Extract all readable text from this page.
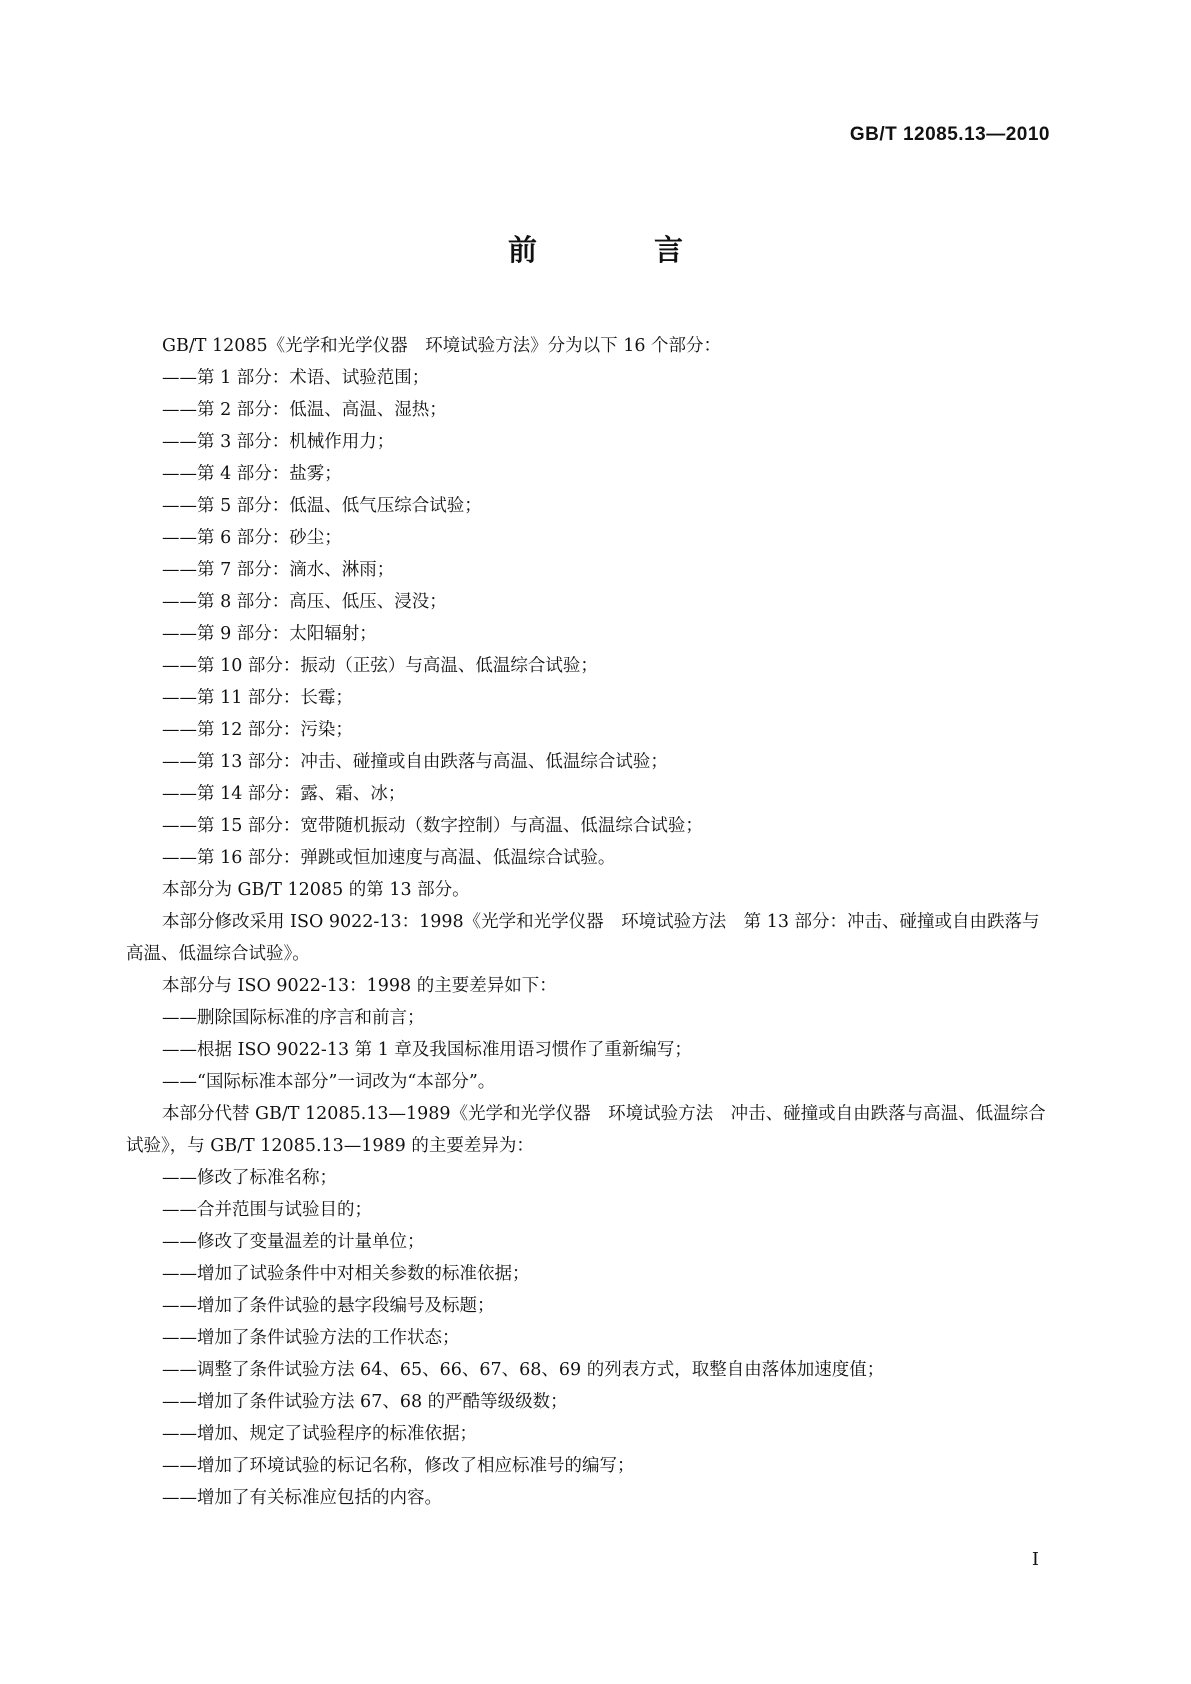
GB/T 12085.13—2010

前　言

GB/T 12085《光学和光学仪器　环境试验方法》分为以下 16 个部分：

——第 1 部分：术语、试验范围；

——第 2 部分：低温、高温、湿热；

——第 3 部分：机械作用力；

——第 4 部分：盐雾；

——第 5 部分：低温、低气压综合试验；

——第 6 部分：砂尘；

——第 7 部分：滴水、淋雨；

——第 8 部分：高压、低压、浸没；

——第 9 部分：太阳辐射；

——第 10 部分：振动（正弦）与高温、低温综合试验；

——第 11 部分：长霉；

——第 12 部分：污染；

——第 13 部分：冲击、碰撞或自由跌落与高温、低温综合试验；

——第 14 部分：露、霜、冰；

——第 15 部分：宽带随机振动（数字控制）与高温、低温综合试验；

——第 16 部分：弹跳或恒加速度与高温、低温综合试验。

本部分为 GB/T 12085 的第 13 部分。

本部分修改采用 ISO 9022-13：1998《光学和光学仪器　环境试验方法　第 13 部分：冲击、碰撞或自由跌落与高温、低温综合试验》。

本部分与 ISO 9022-13：1998 的主要差异如下：

——删除国际标准的序言和前言；

——根据 ISO 9022-13 第 1 章及我国标准用语习惯作了重新编写；

——“国际标准本部分”一词改为“本部分”。

本部分代替 GB/T 12085.13—1989《光学和光学仪器　环境试验方法　冲击、碰撞或自由跌落与高温、低温综合试验》，与 GB/T 12085.13—1989 的主要差异为：

——修改了标准名称；

——合并范围与试验目的；

——修改了变量温差的计量单位；

——增加了试验条件中对相关参数的标准依据；

——增加了条件试验的悬字段编号及标题；

——增加了条件试验方法的工作状态；

——调整了条件试验方法 64、65、66、67、68、69 的列表方式，取整自由落体加速度值；

——增加了条件试验方法 67、68 的严酷等级级数；

——增加、规定了试验程序的标准依据；

——增加了环境试验的标记名称，修改了相应标准号的编写；

——增加了有关标准应包括的内容。

I
